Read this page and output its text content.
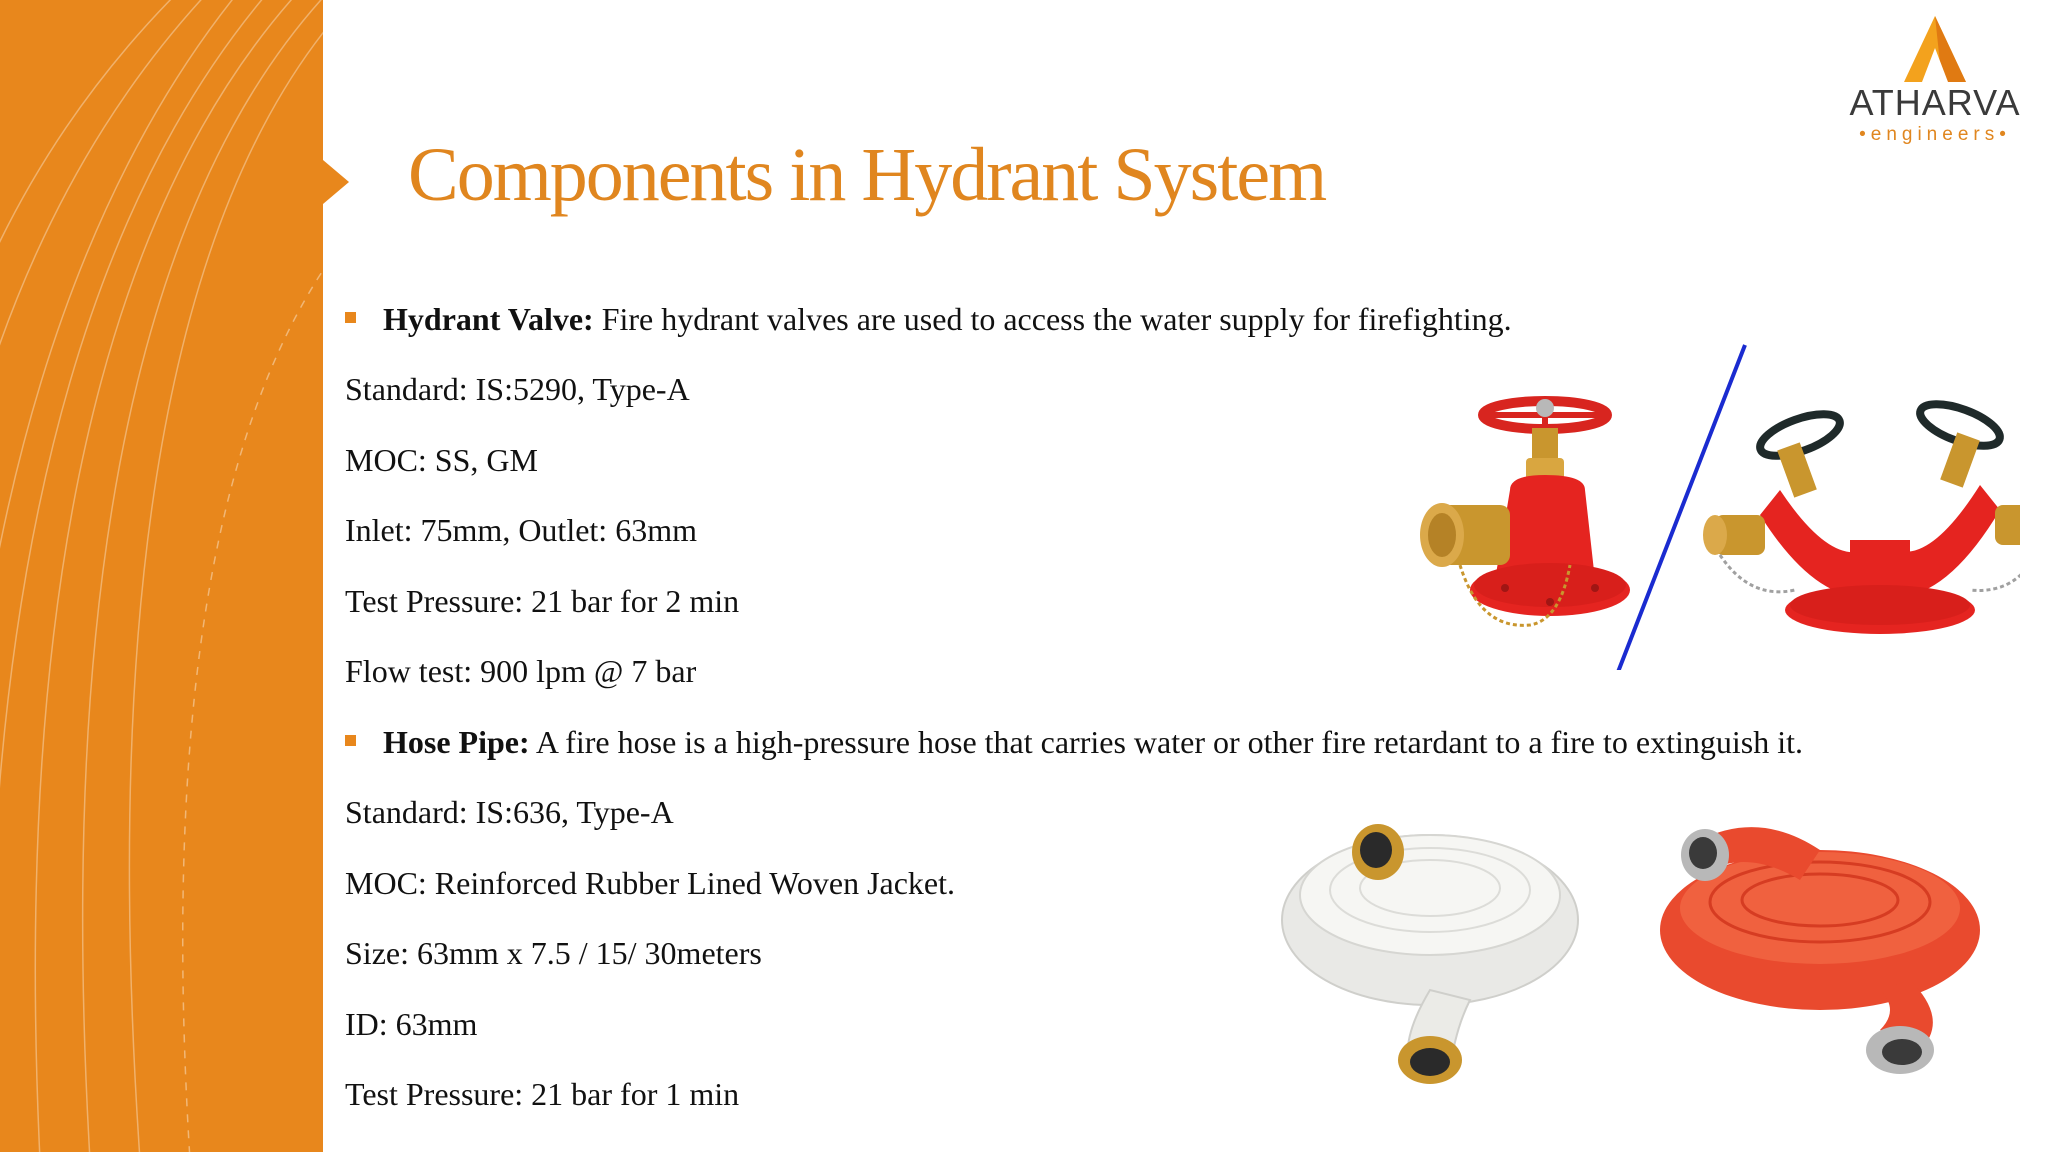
Components in Hydrant System
ATHARVA
•engineers•
Hydrant Valve: Fire hydrant valves are used to access the water supply for firefighting.
Standard: IS:5290, Type-A
MOC: SS, GM
Inlet: 75mm, Outlet: 63mm
Test Pressure: 21 bar for 2 min
Flow test: 900 lpm @ 7 bar
Hose Pipe: A fire hose is a high-pressure hose that carries water or other fire retardant to a fire to extinguish it.
Standard: IS:636, Type-A
MOC: Reinforced Rubber Lined Woven Jacket.
Size: 63mm x 7.5 / 15/ 30meters
ID: 63mm
Test Pressure: 21 bar for 1 min
